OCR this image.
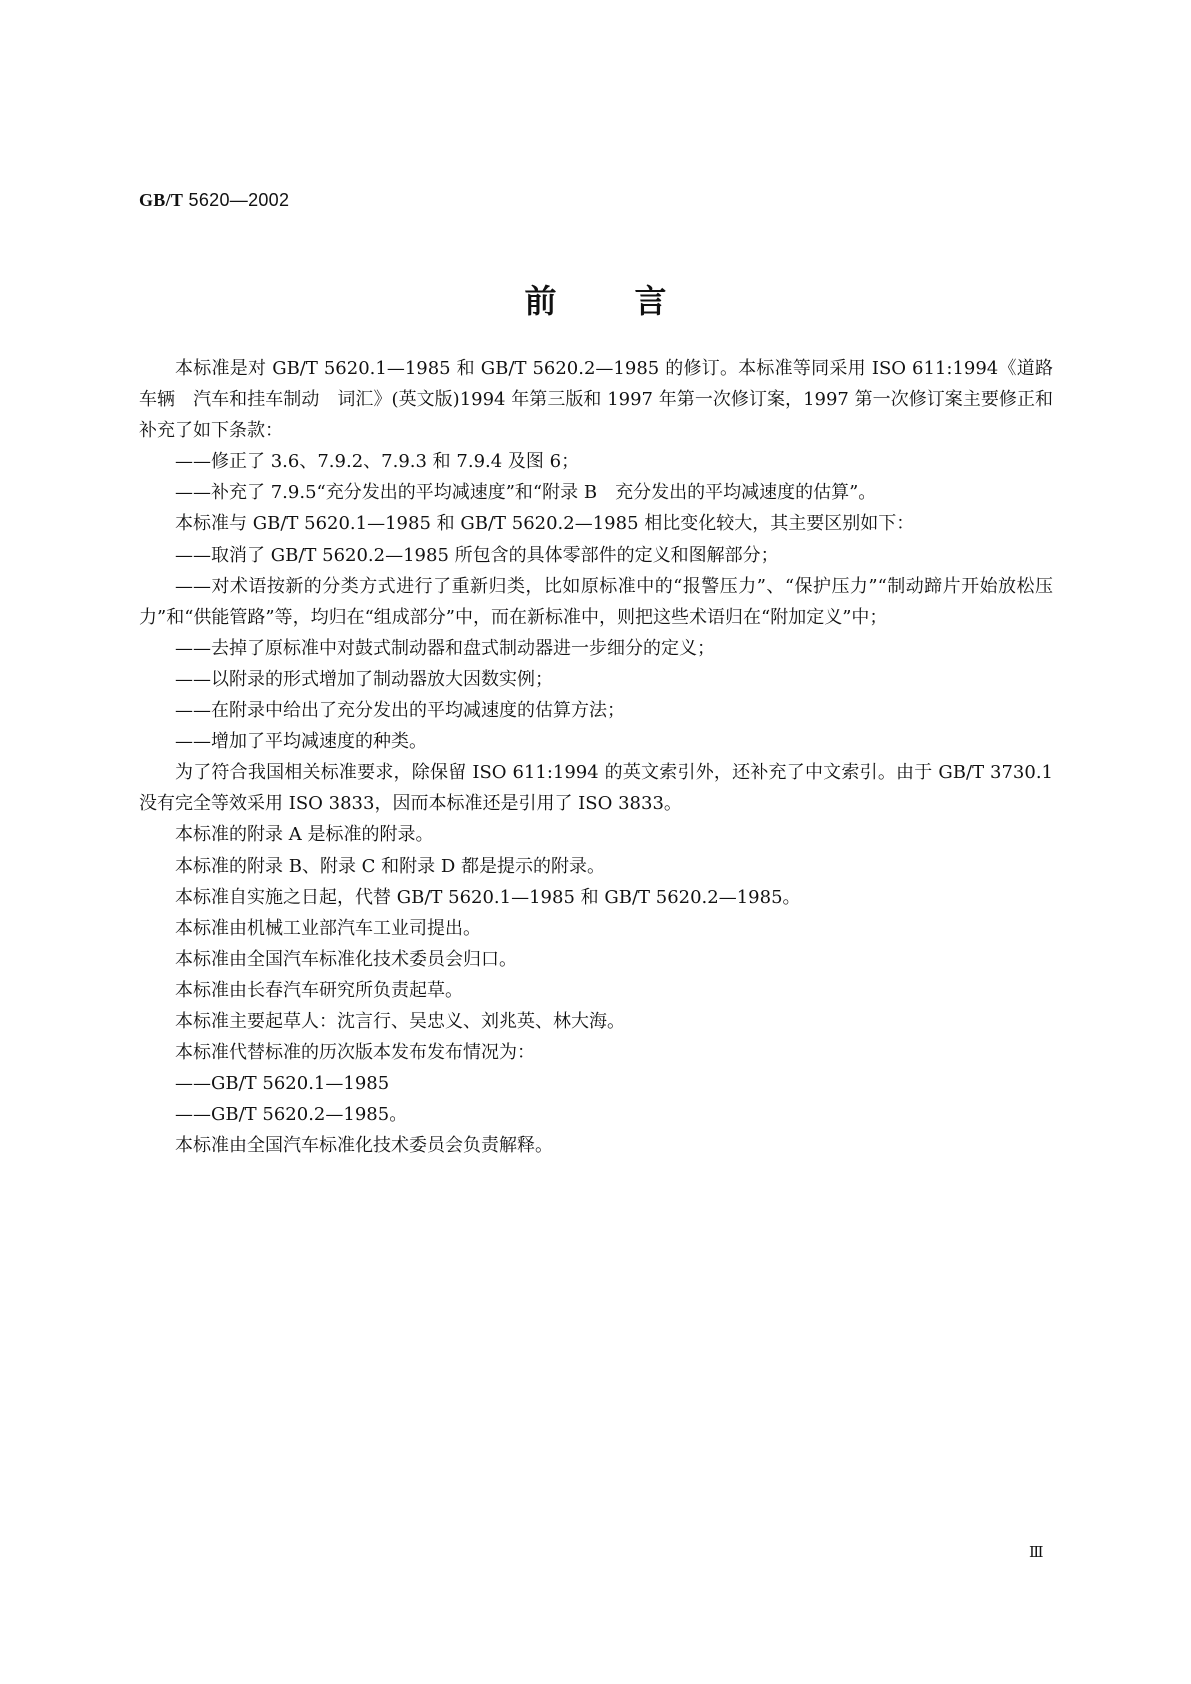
GB/T 5620—2002
前言

本标准是对 GB/T 5620.1—1985 和 GB/T 5620.2—1985 的修订。本标准等同采用 ISO 611:1994《道路车辆　汽车和挂车制动　词汇》(英文版)1994 年第三版和 1997 年第一次修订案，1997 第一次修订案主要修正和补充了如下条款：

——修正了 3.6、7.9.2、7.9.3 和 7.9.4 及图 6；

——补充了 7.9.5“充分发出的平均减速度”和“附录 B　充分发出的平均减速度的估算”。

本标准与 GB/T 5620.1—1985 和 GB/T 5620.2—1985 相比变化较大，其主要区别如下：

——取消了 GB/T 5620.2—1985 所包含的具体零部件的定义和图解部分；

——对术语按新的分类方式进行了重新归类，比如原标准中的“报警压力”、“保护压力”“制动蹄片开始放松压力”和“供能管路”等，均归在“组成部分”中，而在新标准中，则把这些术语归在“附加定义”中；

——去掉了原标准中对鼓式制动器和盘式制动器进一步细分的定义；

——以附录的形式增加了制动器放大因数实例；

——在附录中给出了充分发出的平均减速度的估算方法；

——增加了平均减速度的种类。

为了符合我国相关标准要求，除保留 ISO 611:1994 的英文索引外，还补充了中文索引。由于 GB/T 3730.1没有完全等效采用 ISO 3833，因而本标准还是引用了 ISO 3833。

本标准的附录 A 是标准的附录。

本标准的附录 B、附录 C 和附录 D 都是提示的附录。

本标准自实施之日起，代替 GB/T 5620.1—1985 和 GB/T 5620.2—1985。

本标准由机械工业部汽车工业司提出。

本标准由全国汽车标准化技术委员会归口。

本标准由长春汽车研究所负责起草。

本标准主要起草人：沈言行、吴忠义、刘兆英、林大海。

本标准代替标准的历次版本发布发布情况为：

——GB/T 5620.1—1985

——GB/T 5620.2—1985。

本标准由全国汽车标准化技术委员会负责解释。

Ⅲ
